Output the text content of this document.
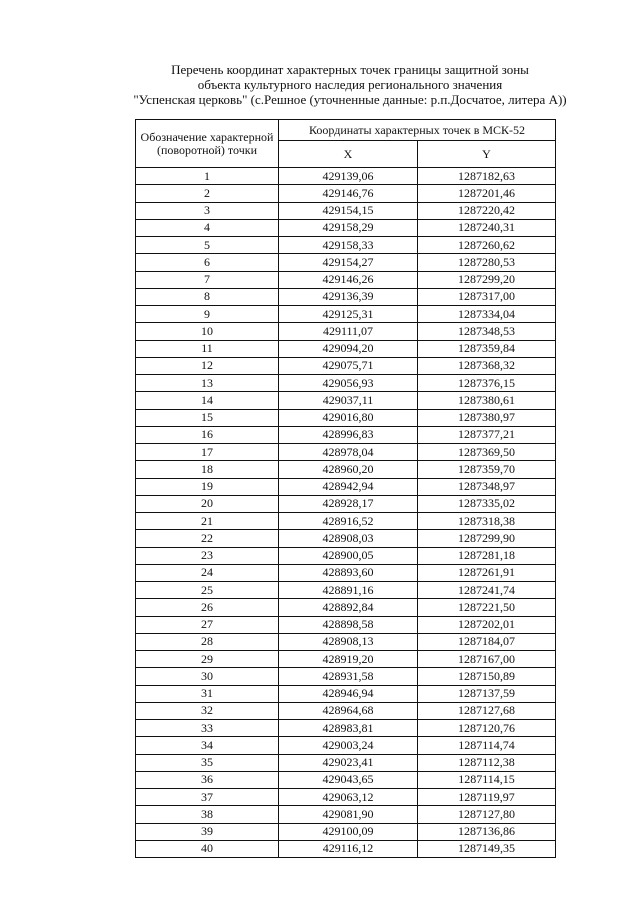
Перечень координат характерных точек границы защитной зоны
объекта культурного наследия регионального значения
"Успенская церковь" (с.Решное (уточненные данные: р.п.Досчатое, литера А))
Обозначение характерной (поворотной) точки	Координаты характерных точек в МСК-52	
	X	Y
1	429139,06	1287182,63
2	429146,76	1287201,46
3	429154,15	1287220,42
4	429158,29	1287240,31
5	429158,33	1287260,62
6	429154,27	1287280,53
7	429146,26	1287299,20
8	429136,39	1287317,00
9	429125,31	1287334,04
10	429111,07	1287348,53
11	429094,20	1287359,84
12	429075,71	1287368,32
13	429056,93	1287376,15
14	429037,11	1287380,61
15	429016,80	1287380,97
16	428996,83	1287377,21
17	428978,04	1287369,50
18	428960,20	1287359,70
19	428942,94	1287348,97
20	428928,17	1287335,02
21	428916,52	1287318,38
22	428908,03	1287299,90
23	428900,05	1287281,18
24	428893,60	1287261,91
25	428891,16	1287241,74
26	428892,84	1287221,50
27	428898,58	1287202,01
28	428908,13	1287184,07
29	428919,20	1287167,00
30	428931,58	1287150,89
31	428946,94	1287137,59
32	428964,68	1287127,68
33	428983,81	1287120,76
34	429003,24	1287114,74
35	429023,41	1287112,38
36	429043,65	1287114,15
37	429063,12	1287119,97
38	429081,90	1287127,80
39	429100,09	1287136,86
40	429116,12	1287149,35
